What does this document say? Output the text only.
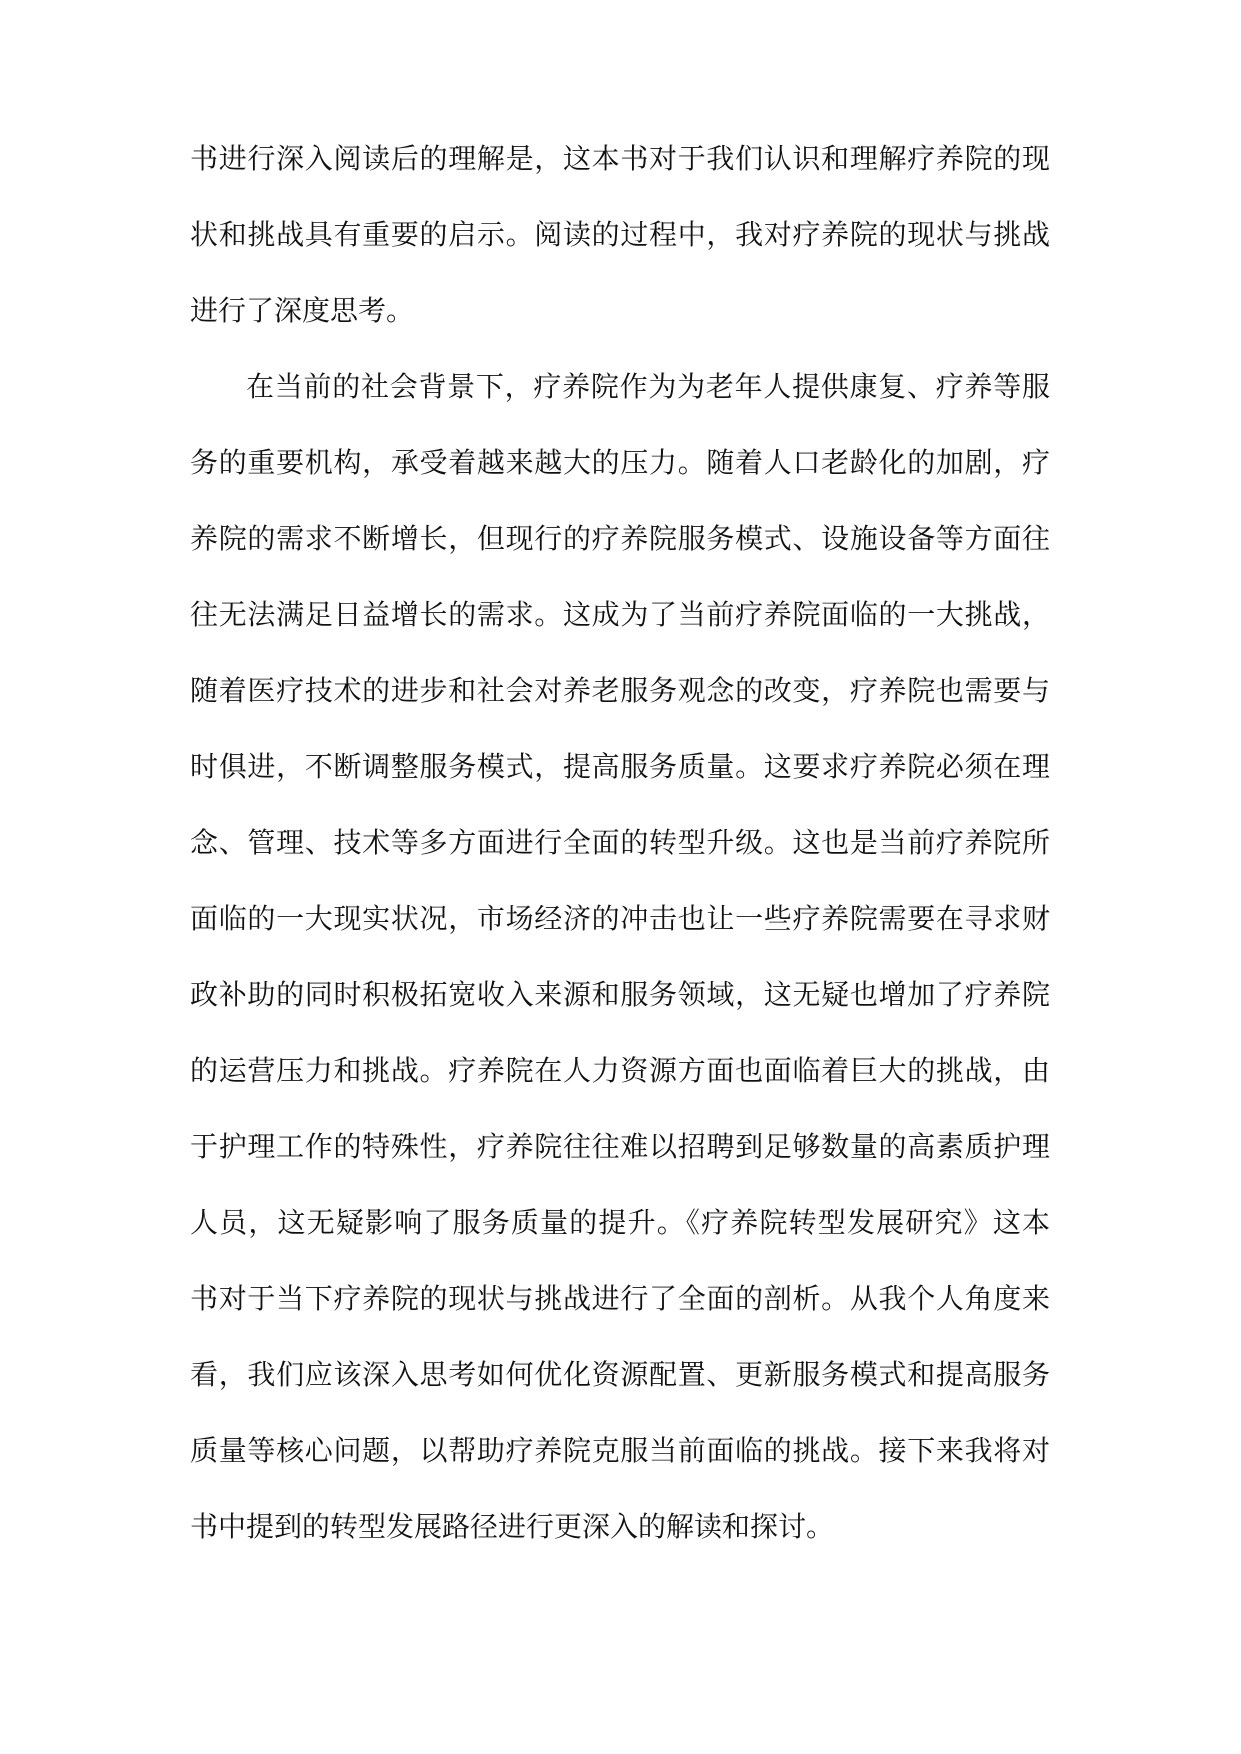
书进行深入阅读后的理解是，这本书对于我们认识和理解疗养院的现
状和挑战具有重要的启示。阅读的过程中，我对疗养院的现状与挑战
进行了深度思考。
在当前的社会背景下，疗养院作为为老年人提供康复、疗养等服
务的重要机构，承受着越来越大的压力。随着人口老龄化的加剧，疗
养院的需求不断增长，但现行的疗养院服务模式、设施设备等方面往
往无法满足日益增长的需求。这成为了当前疗养院面临的一大挑战，
随着医疗技术的进步和社会对养老服务观念的改变，疗养院也需要与
时俱进，不断调整服务模式，提高服务质量。这要求疗养院必须在理
念、管理、技术等多方面进行全面的转型升级。这也是当前疗养院所
面临的一大现实状况，市场经济的冲击也让一些疗养院需要在寻求财
政补助的同时积极拓宽收入来源和服务领域，这无疑也增加了疗养院
的运营压力和挑战。疗养院在人力资源方面也面临着巨大的挑战，由
于护理工作的特殊性，疗养院往往难以招聘到足够数量的高素质护理
人员，这无疑影响了服务质量的提升。《疗养院转型发展研究》这本
书对于当下疗养院的现状与挑战进行了全面的剖析。从我个人角度来
看，我们应该深入思考如何优化资源配置、更新服务模式和提高服务
质量等核心问题，以帮助疗养院克服当前面临的挑战。接下来我将对
书中提到的转型发展路径进行更深入的解读和探讨。
